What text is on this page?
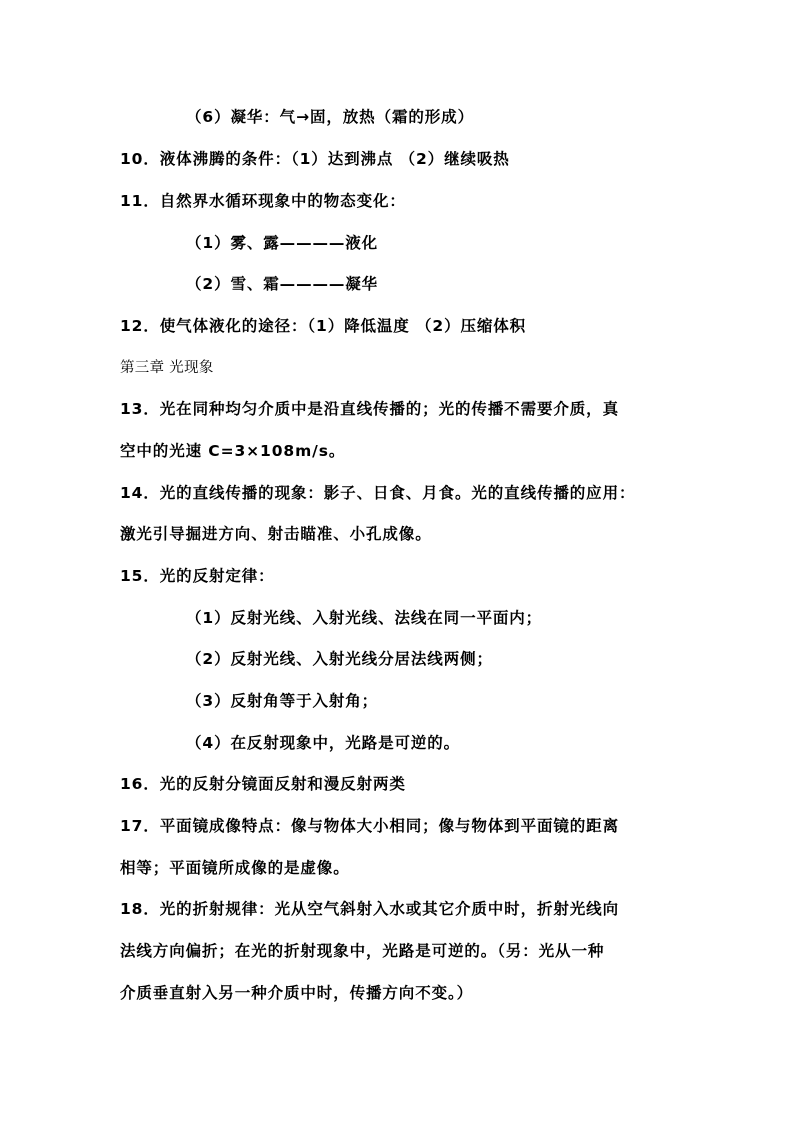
（6）凝华：气→固，放热（霜的形成）
10．液体沸腾的条件：（1）达到沸点 （2）继续吸热
11．自然界水循环现象中的物态变化：
（1）雾、露————液化
（2）雪、霜————凝华
12．使气体液化的途径：（1）降低温度 （2）压缩体积
第三章 光现象
13．光在同种均匀介质中是沿直线传播的；光的传播不需要介质，真
空中的光速 C=3×108m/s。
14．光的直线传播的现象：影子、日食、月食。光的直线传播的应用：
激光引导掘进方向、射击瞄准、小孔成像。
15．光的反射定律：
（1）反射光线、入射光线、法线在同一平面内；
（2）反射光线、入射光线分居法线两侧；
（3）反射角等于入射角；
（4）在反射现象中，光路是可逆的。
16．光的反射分镜面反射和漫反射两类
17．平面镜成像特点：像与物体大小相同；像与物体到平面镜的距离
相等；平面镜所成像的是虚像。
18．光的折射规律：光从空气斜射入水或其它介质中时，折射光线向
法线方向偏折；在光的折射现象中，光路是可逆的。（另：光从一种
介质垂直射入另一种介质中时，传播方向不变。）
